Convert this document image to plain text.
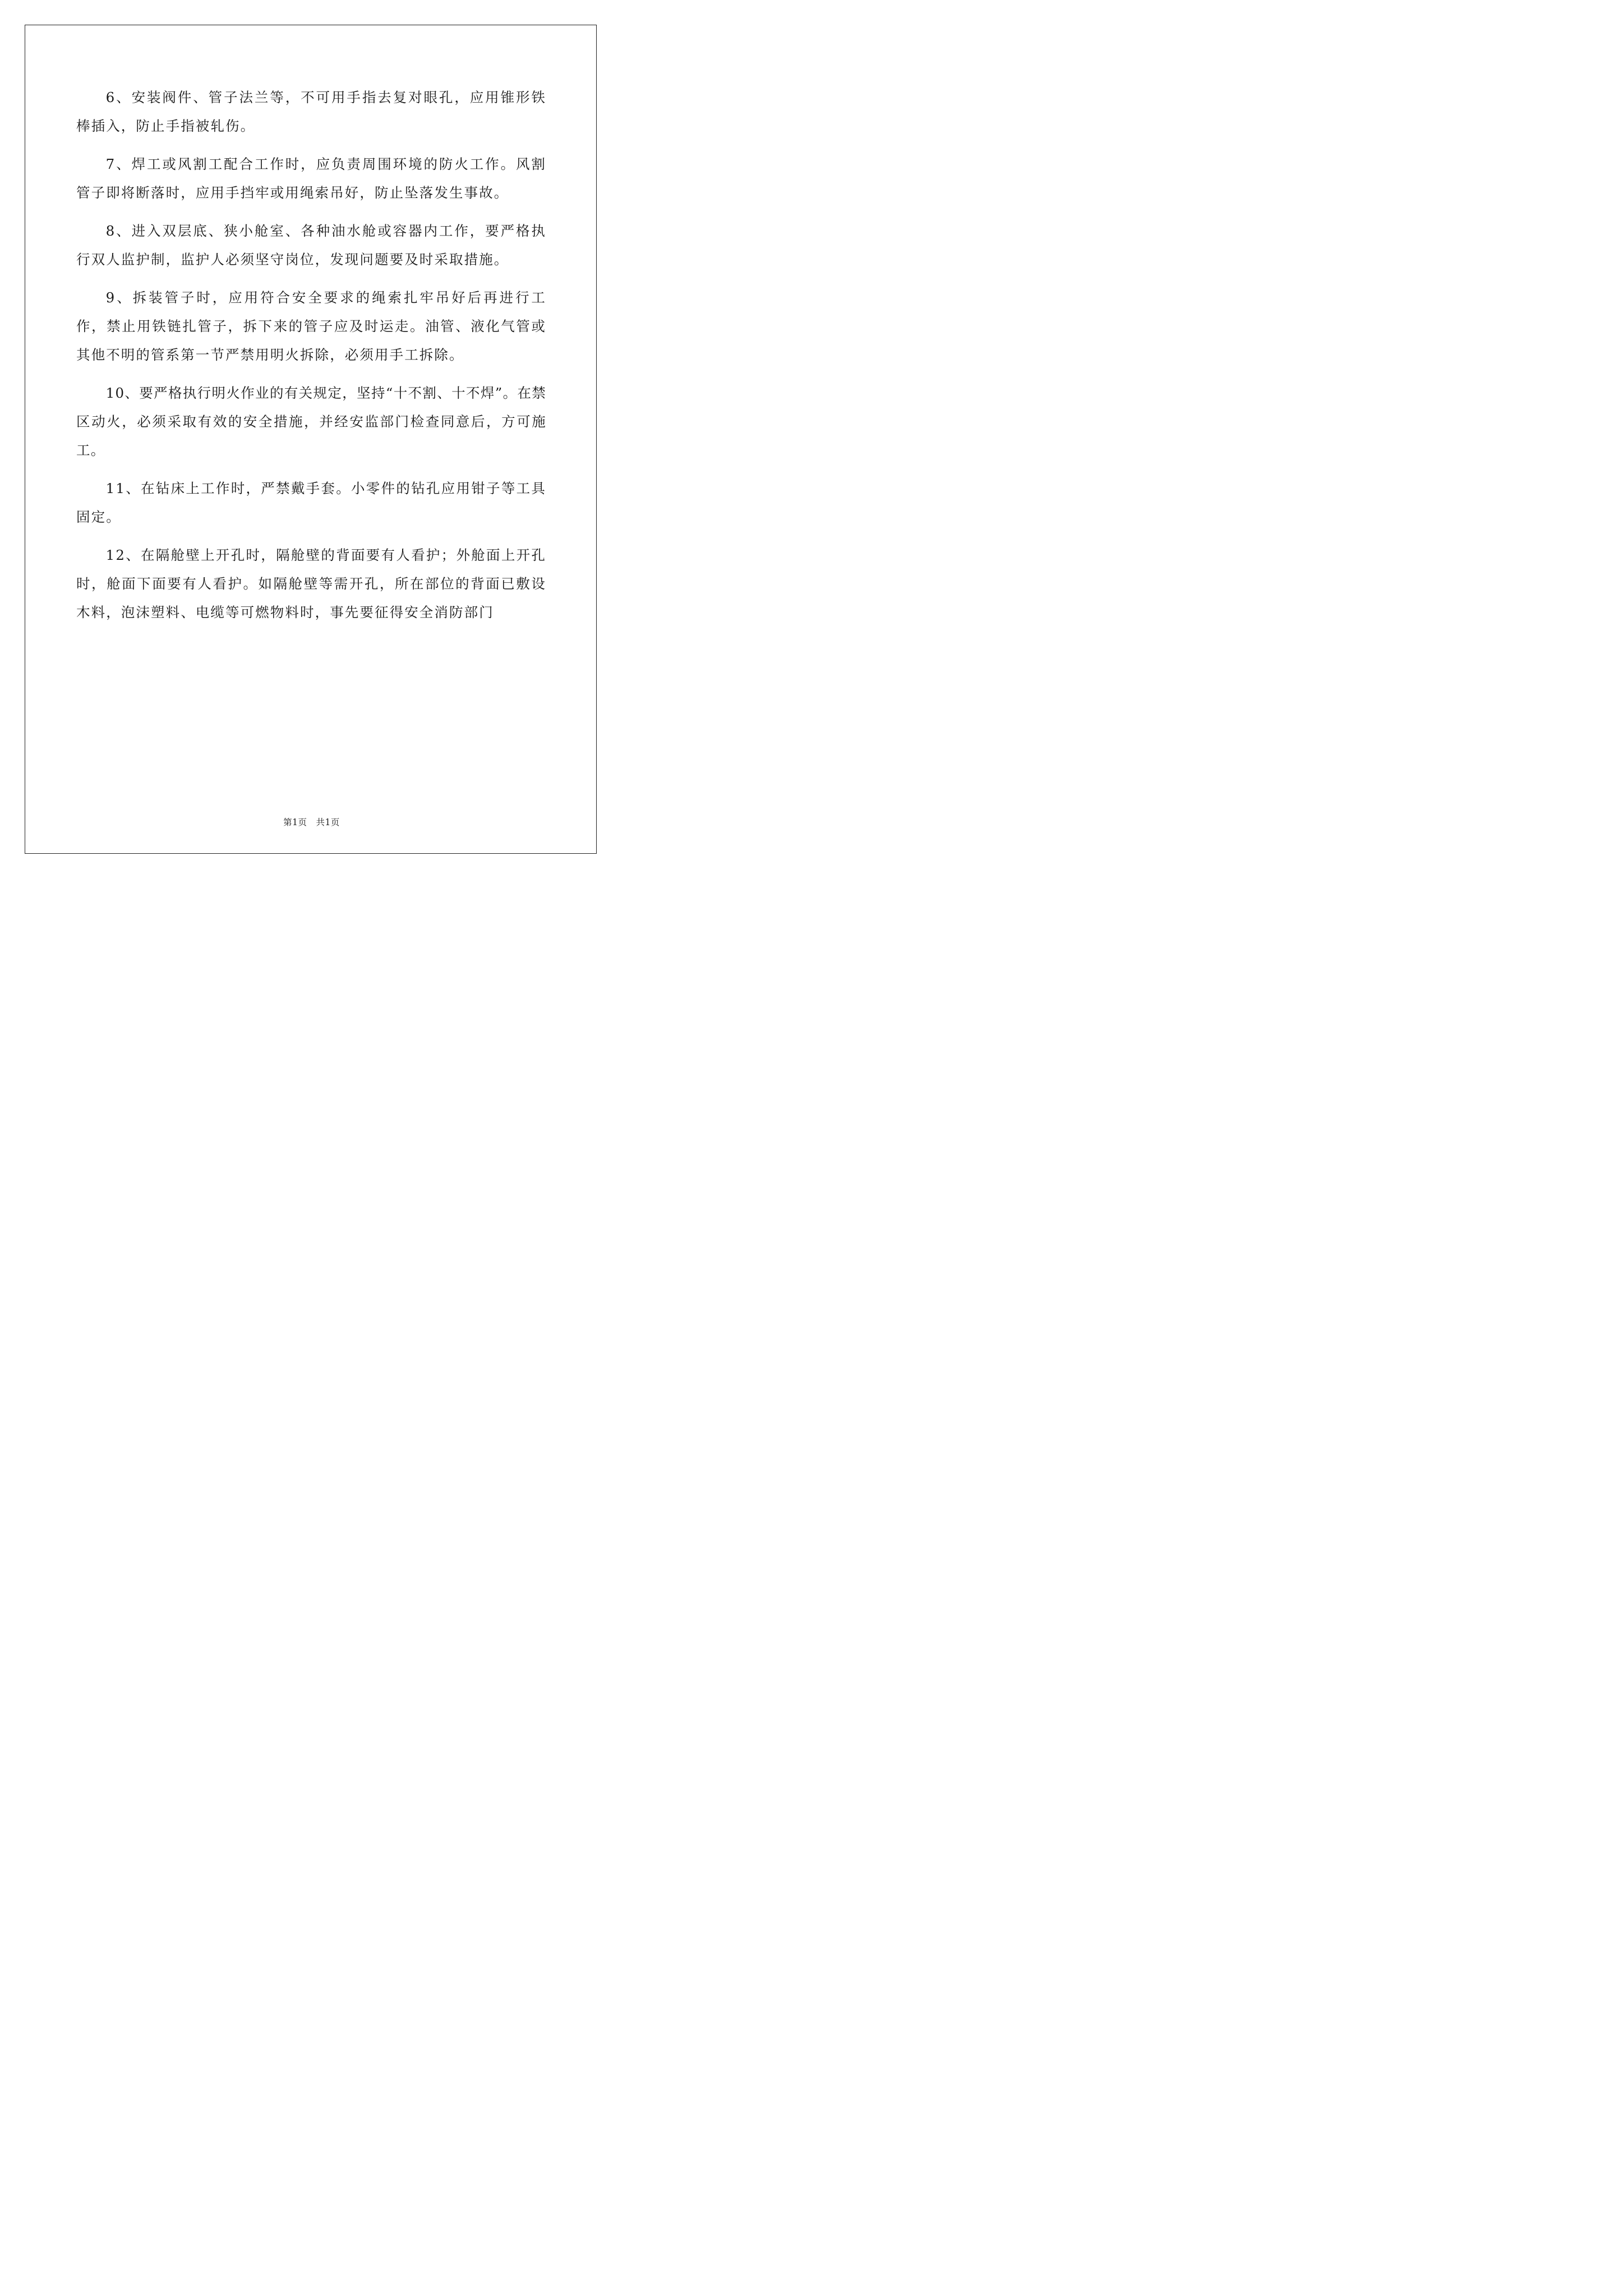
6、安装阀件、管子法兰等，不可用手指去复对眼孔，应用锥形铁棒插入，防止手指被轧伤。

7、焊工或风割工配合工作时，应负责周围环境的防火工作。风割管子即将断落时，应用手挡牢或用绳索吊好，防止坠落发生事故。

8、进入双层底、狭小舱室、各种油水舱或容器内工作，要严格执行双人监护制，监护人必须坚守岗位，发现问题要及时采取措施。

9、拆装管子时，应用符合安全要求的绳索扎牢吊好后再进行工作，禁止用铁链扎管子，拆下来的管子应及时运走。油管、液化气管或其他不明的管系第一节严禁用明火拆除，必须用手工拆除。

10、要严格执行明火作业的有关规定，坚持“十不割、十不焊”。在禁区动火，必须采取有效的安全措施，并经安监部门检查同意后，方可施工。

11、在钻床上工作时，严禁戴手套。小零件的钻孔应用钳子等工具固定。

12、在隔舱壁上开孔时，隔舱壁的背面要有人看护；外舱面上开孔时，舱面下面要有人看护。如隔舱壁等需开孔，所在部位的背面已敷设木料，泡沫塑料、电缆等可燃物料时，事先要征得安全消防部门

第1页　共1页
